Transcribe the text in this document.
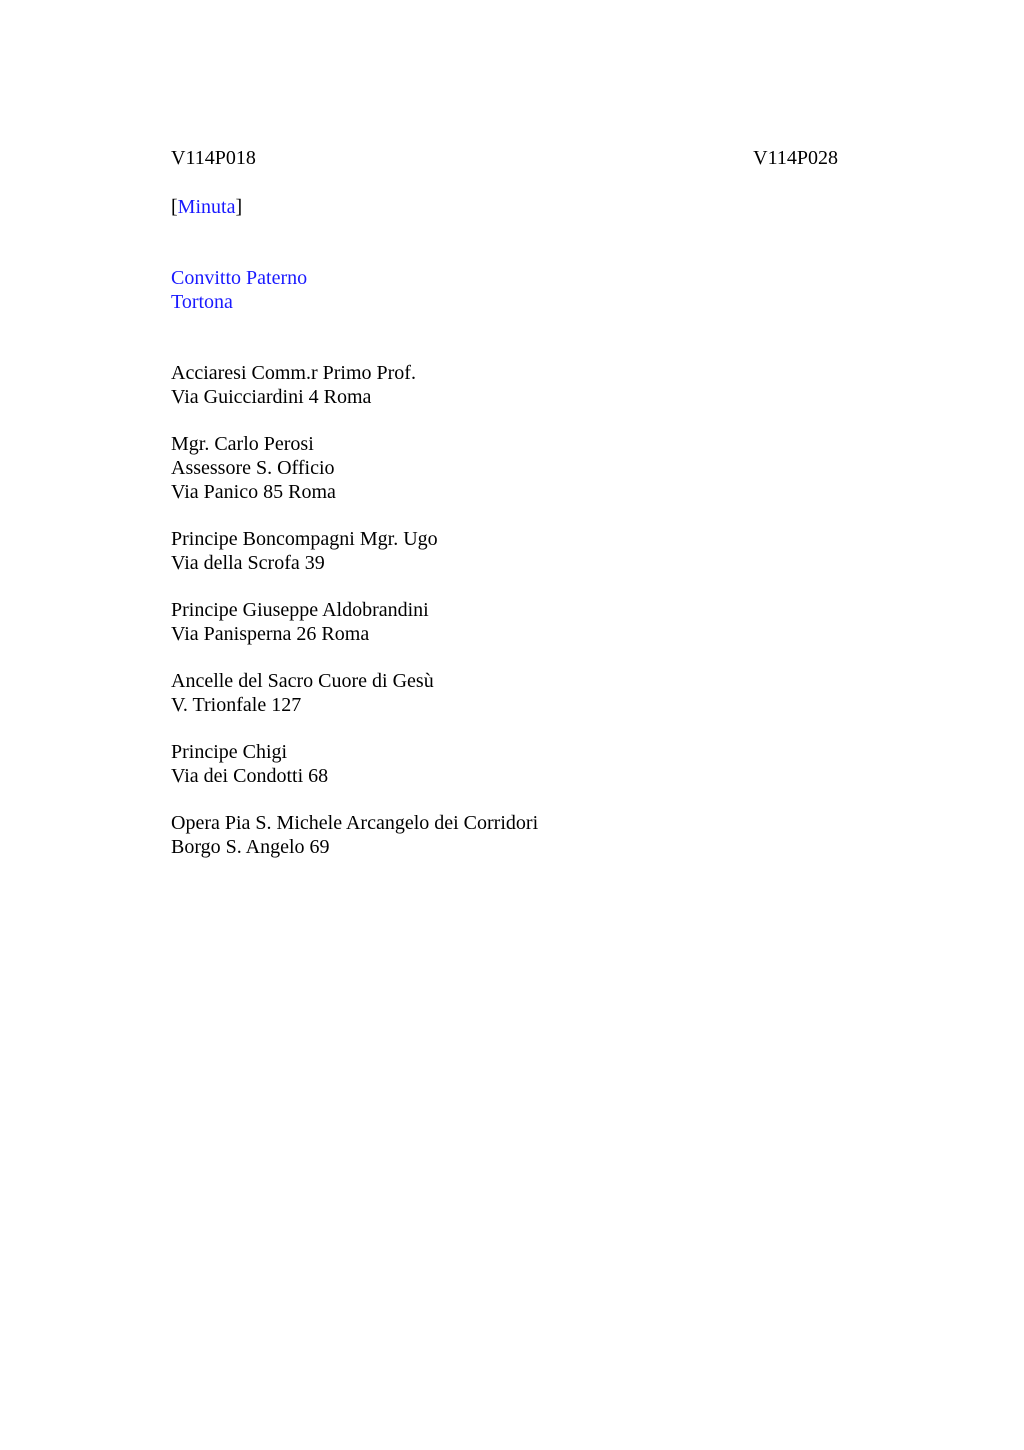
V114P018	V114P028
[Minuta]
Convitto Paterno
Tortona
Acciaresi Comm.r Primo Prof.
Via Guicciardini 4 Roma
Mgr. Carlo Perosi
Assessore S. Officio
Via Panico 85 Roma
Principe Boncompagni Mgr. Ugo
Via della Scrofa 39
Principe Giuseppe Aldobrandini
Via Panisperna 26 Roma
Ancelle del Sacro Cuore di Gesù
V. Trionfale 127
Principe Chigi
Via dei Condotti 68
Opera Pia S. Michele Arcangelo dei Corridori
Borgo S. Angelo 69
